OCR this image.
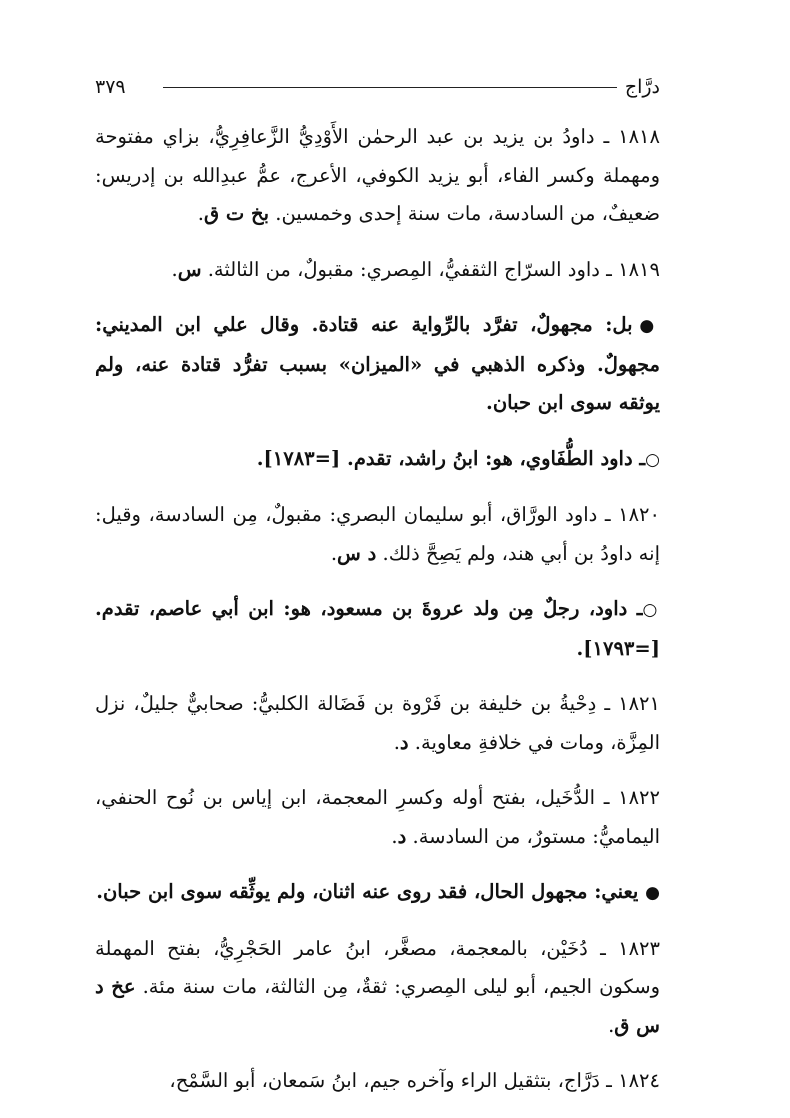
٣٧٩	درَّاج

١٨١٨ ـ داودُ بن يزيد بن عبد الرحمٰن الأَوْدِيُّ الزَّعافِرِيُّ، بزاي مفتوحة ومهملة وكسر الفاء، أبو يزيد الكوفي، الأعرج، عمُّ عبدِالله بن إدريس: ضعيفٌ، من السادسة، مات سنة إحدى وخمسين. بخ ت ق.

١٨١٩ ـ داود السرّاج الثقفيُّ، المِصري: مقبولٌ، من الثالثة. س.

● بل: مجهولٌ، تفرَّد بالرِّواية عنه قتادة. وقال علي ابن المديني: مجهولٌ. وذكره الذهبي في «الميزان» بسبب تفرُّد قتادة عنه، ولم يوثقه سوى ابن حبان.

○ـ داود الطُّفَاوي، هو: ابنُ راشد، تقدم. [=١٧٨٣].

١٨٢٠ ـ داود الورَّاق، أبو سليمان البصري: مقبولٌ، مِن السادسة، وقيل: إنه داودُ بن أبي هند، ولم يَصِحَّ ذلك. د س.

○ـ داود، رجلٌ مِن ولد عروةَ بن مسعود، هو: ابن أبي عاصم، تقدم. [=١٧٩٣].

١٨٢١ ـ دِحْيةُ بن خليفة بن فَرْوة بن فَضَالة الكلبيُّ: صحابيٌّ جليلٌ، نزل المِزَّة، ومات في خلافةِ معاوية. د.

١٨٢٢ ـ الدُّخَيل، بفتح أوله وكسرِ المعجمة، ابن إياس بن نُوح الحنفي، اليماميُّ: مستورٌ، من السادسة. د.

● يعني: مجهول الحال، فقد روى عنه اثنان، ولم يوثِّقه سوى ابن حبان.

١٨٢٣ ـ دُخَيْن، بالمعجمة، مصغَّر، ابنُ عامر الحَجْرِيُّ، بفتح المهملة وسكون الجيم، أبو ليلى المِصري: ثقةٌ، مِن الثالثة، مات سنة مئة. عخ د س ق.

١٨٢٤ ـ دَرَّاج، بتثقيل الراء وآخره جيم، ابنُ سَمعان، أبو السَّمْح،
